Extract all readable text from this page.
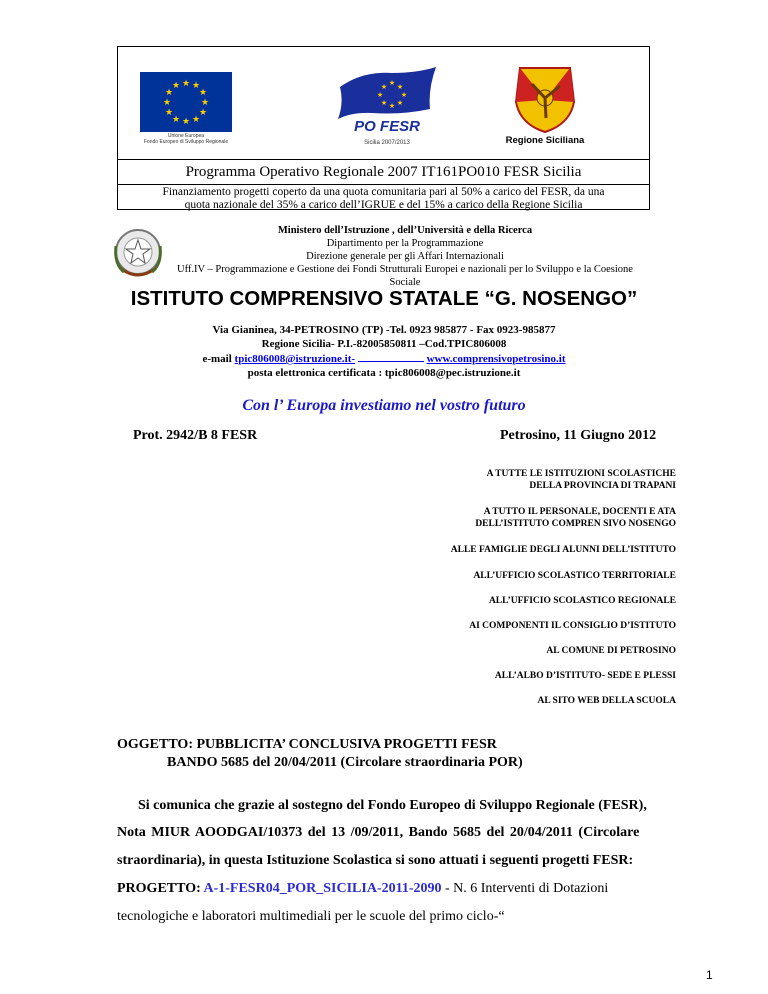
★ ★
★
★
★
★
★
★
★
★
★
★
Unione Europea
Fondo Europeo di Sviluppo Regionale
★ ★
★
★
★
★
★
★
PO FESR
Sicilia 2007/2013	Regione Siciliana
Programma Operativo Regionale 2007 IT161PO010 FESR Sicilia
Finanziamento progetti coperto da una quota comunitaria pari al 50% a carico del FESR, da una
quota nazionale del 35% a carico dell’IGRUE e del 15% a carico della Regione Sicilia
Ministero dell’Istruzione , dell’Università e della Ricerca
Dipartimento per la Programmazione
Direzione generale per gli Affari Internazionali
Uff.IV – Programmazione e Gestione dei Fondi Strutturali Europei e nazionali per lo Sviluppo e la Coesione
Sociale
ISTITUTO COMPRENSIVO STATALE “G. NOSENGO”
Via Gianinea, 34-PETROSINO (TP) -Tel. 0923 985877 - Fax 0923-985877
Regione Sicilia- P.I.-82005850811 –Cod.TPIC806008
e-mail tpic806008@istruzione.it-	www.comprensivopetrosino.it
posta elettronica certificata : tpic806008@pec.istruzione.it
Con l’ Europa investiamo nel vostro futuro
Prot. 2942/B 8 FESR	Petrosino, 11 Giugno 2012
A TUTTE LE ISTITUZIONI SCOLASTICHE
DELLA PROVINCIA DI TRAPANI
A TUTTO IL PERSONALE, DOCENTI E ATA
DELL’ISTITUTO COMPREN SIVO NOSENGO
ALLE FAMIGLIE DEGLI ALUNNI DELL’ISTITUTO
ALL’UFFICIO SCOLASTICO TERRITORIALE
ALL’UFFICIO SCOLASTICO REGIONALE
AI COMPONENTI IL CONSIGLIO D’ISTITUTO
AL COMUNE DI PETROSINO
ALL’ALBO D’ISTITUTO- SEDE E PLESSI
AL SITO WEB DELLA SCUOLA
OGGETTO: PUBBLICITA’ CONCLUSIVA PROGETTI FESR
BANDO 5685 del 20/04/2011 (Circolare straordinaria POR)
Si comunica che grazie al sostegno del Fondo Europeo di Sviluppo Regionale (FESR),
Nota MIUR AOODGAI/10373 del 13 /09/2011, Bando 5685 del 20/04/2011 (Circolare
straordinaria), in questa Istituzione Scolastica si sono attuati i seguenti progetti FESR:
PROGETTO: A-1-FESR04_POR_SICILIA-2011-2090 - N. 6 Interventi di Dotazioni
tecnologiche e laboratori multimediali per le scuole del primo ciclo-“
1
